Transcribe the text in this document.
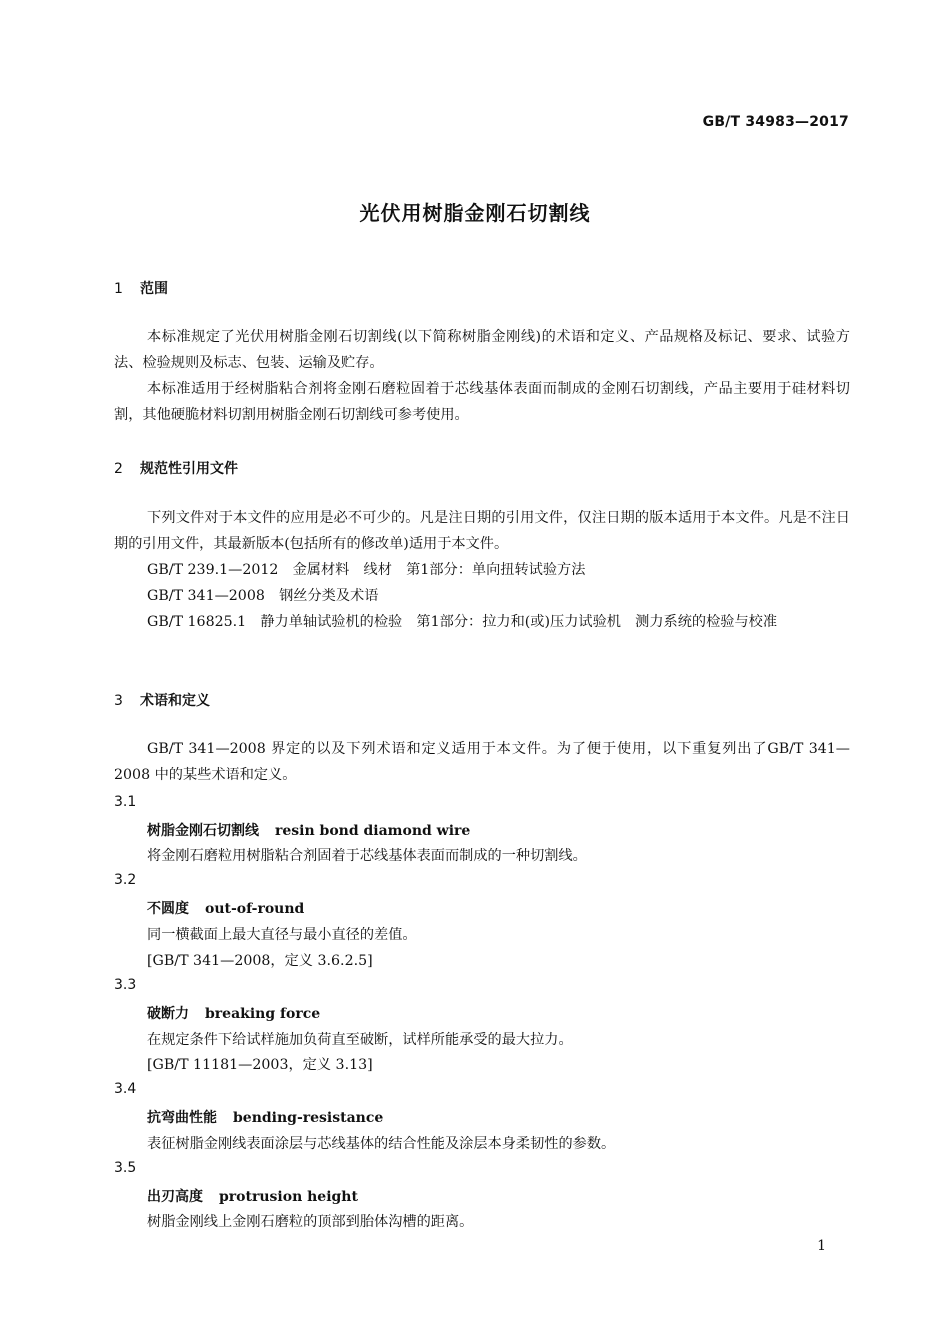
GB/T 34983—2017
光伏用树脂金刚石切割线
1 范围
本标准规定了光伏用树脂金刚石切割线(以下简称树脂金刚线)的术语和定义、产品规格及标记、要求、试验方法、检验规则及标志、包装、运输及贮存。
本标准适用于经树脂粘合剂将金刚石磨粒固着于芯线基体表面而制成的金刚石切割线，产品主要用于硅材料切割，其他硬脆材料切割用树脂金刚石切割线可参考使用。
2 规范性引用文件
下列文件对于本文件的应用是必不可少的。凡是注日期的引用文件，仅注日期的版本适用于本文件。凡是不注日期的引用文件，其最新版本(包括所有的修改单)适用于本文件。
GB/T 239.1—2012　金属材料　线材　第1部分：单向扭转试验方法
GB/T 341—2008　钢丝分类及术语
GB/T 16825.1　静力单轴试验机的检验　第1部分：拉力和(或)压力试验机　测力系统的检验与校准
3 术语和定义
GB/T 341—2008 界定的以及下列术语和定义适用于本文件。为了便于使用，以下重复列出了GB/T 341—2008 中的某些术语和定义。
3.1
树脂金刚石切割线 resin bond diamond wire
将金刚石磨粒用树脂粘合剂固着于芯线基体表面而制成的一种切割线。
3.2
不圆度 out-of-round
同一横截面上最大直径与最小直径的差值。
[GB/T 341—2008，定义 3.6.2.5]
3.3
破断力 breaking force
在规定条件下给试样施加负荷直至破断，试样所能承受的最大拉力。
[GB/T 11181—2003，定义 3.13]
3.4
抗弯曲性能 bending-resistance
表征树脂金刚线表面涂层与芯线基体的结合性能及涂层本身柔韧性的参数。
3.5
出刃高度 protrusion height
树脂金刚线上金刚石磨粒的顶部到胎体沟槽的距离。
1
